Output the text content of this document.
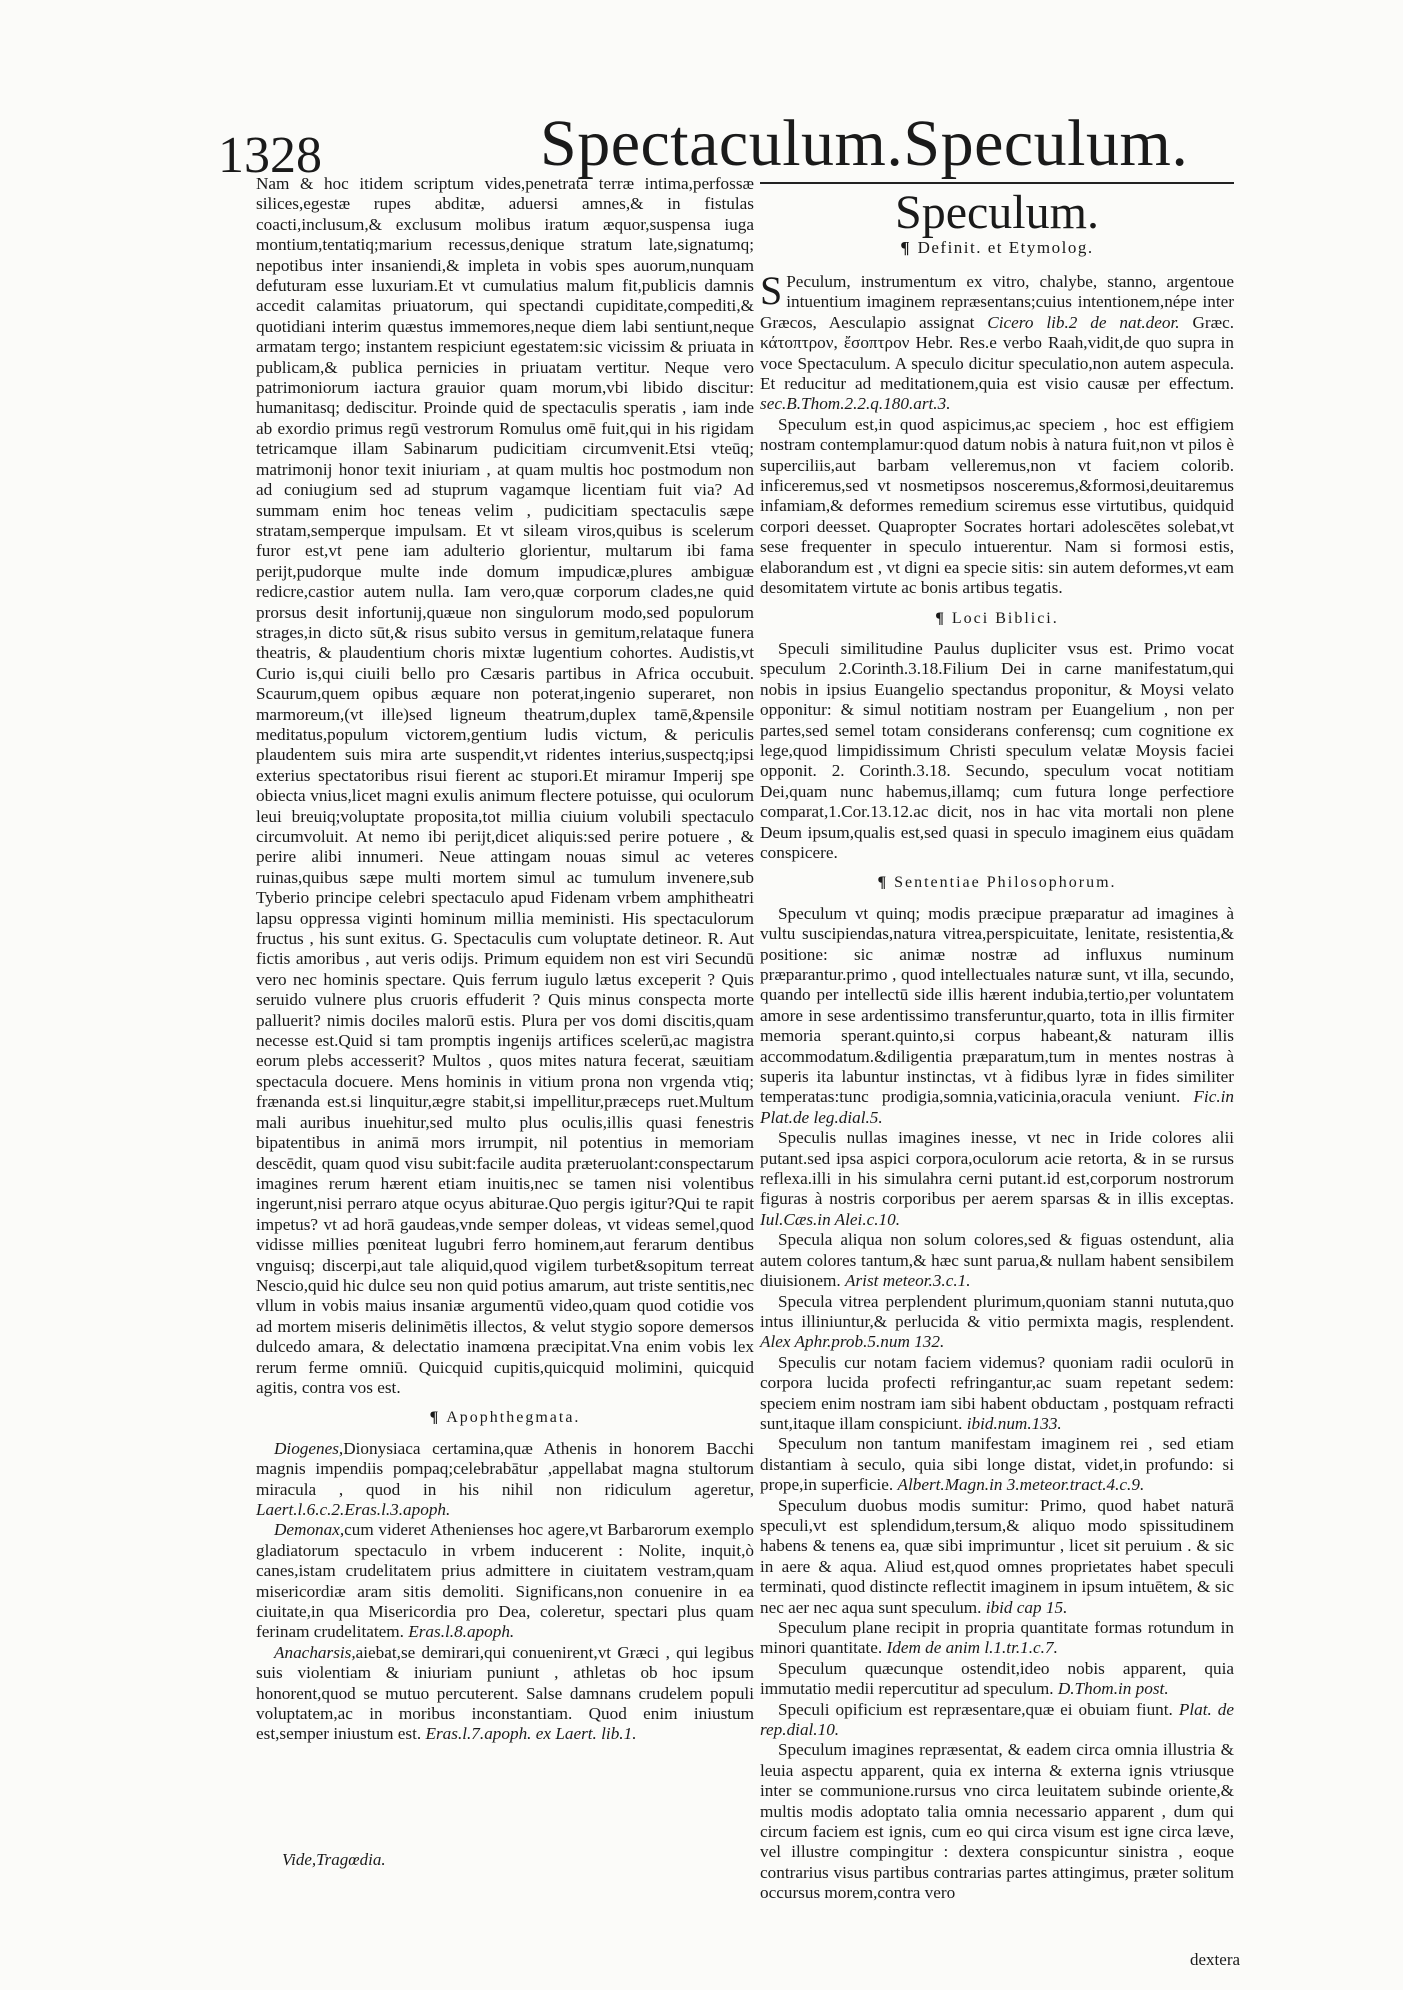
1328	Spectaculum.Speculum.

Nam & hoc itidem scriptum vides,penetrata terræ intima,perfossæ silices,egestæ rupes abditæ, aduersi amnes,& in fistulas coacti,inclusum,& exclusum molibus iratum æquor,suspensa iuga montium,tentatiq;marium recessus,denique stratum late,signatumq; nepotibus inter insaniendi,& impleta in vobis spes auorum,nunquam defuturam esse luxuriam.Et vt cumulatius malum fit,publicis damnis accedit calamitas priuatorum, qui spectandi cupiditate,compediti,& quotidiani interim quæstus immemores,neque diem labi sentiunt,neque armatam tergo; instantem respiciunt egestatem:sic vicissim & priuata in publicam,& publica pernicies in priuatam vertitur. Neque vero patrimoniorum iactura grauior quam morum,vbi libido discitur: humanitasq; dediscitur. Proinde quid de spectaculis speratis , iam inde ab exordio primus regū vestrorum Romulus omē fuit,qui in his rigidam tetricamque illam Sabinarum pudicitiam circumvenit.Etsi vteūq; matrimonij honor texit iniuriam , at quam multis hoc postmodum non ad coniugium sed ad stuprum vagamque licentiam fuit via? Ad summam enim hoc teneas velim , pudicitiam spectaculis sæpe stratam,semperque impulsam. Et vt sileam viros,quibus is scelerum furor est,vt pene iam adulterio glorientur, multarum ibi fama perijt,pudorque multe inde domum impudicæ,plures ambiguæ redicre,castior autem nulla. Iam vero,quæ corporum clades,ne quid prorsus desit infortunij,quæue non singulorum modo,sed populorum strages,in dicto sūt,& risus subito versus in gemitum,relataque funera theatris, & plaudentium choris mixtæ lugentium cohortes. Audistis,vt Curio is,qui ciuili bello pro Cæsaris partibus in Africa occubuit. Scaurum,quem opibus æquare non poterat,ingenio superaret, non marmoreum,(vt ille)sed ligneum theatrum,duplex tamē,&pensile meditatus,populum victorem,gentium ludis victum, & periculis plaudentem suis mira arte suspendit,vt ridentes interius,suspectq;ipsi exterius spectatoribus risui fierent ac stupori.Et miramur Imperij spe obiecta vnius,licet magni exulis animum flectere potuisse, qui oculorum leui breuiq;voluptate proposita,tot millia ciuium volubili spectaculo circumvoluit. At nemo ibi perijt,dicet aliquis:sed perire potuere , & perire alibi innumeri. Neue attingam nouas simul ac veteres ruinas,quibus sæpe multi mortem simul ac tumulum invenere,sub Tyberio principe celebri spectaculo apud Fidenam vrbem amphitheatri lapsu oppressa viginti hominum millia meministi. His spectaculorum fructus , his sunt exitus. G. Spectaculis cum voluptate detineor. R. Aut fictis amoribus , aut veris odijs. Primum equidem non est viri Secundū vero nec hominis spectare. Quis ferrum iugulo lætus exceperit ? Quis seruido vulnere plus cruoris effuderit ? Quis minus conspecta morte palluerit? nimis dociles malorū estis. Plura per vos domi discitis,quam necesse est.Quid si tam promptis ingenijs artifices scelerū,ac magistra eorum plebs accesserit? Multos , quos mites natura fecerat, sæuitiam spectacula docuere. Mens hominis in vitium prona non vrgenda vtiq; frænanda est.si linquitur,ægre stabit,si impellitur,præceps ruet.Multum mali auribus inuehitur,sed multo plus oculis,illis quasi fenestris bipatentibus in animā mors irrumpit, nil potentius in memoriam descēdit, quam quod visu subit:facile audita præteruolant:conspectarum imagines rerum hærent etiam inuitis,nec se tamen nisi volentibus ingerunt,nisi perraro atque ocyus abiturae.Quo pergis igitur?Qui te rapit impetus? vt ad horā gaudeas,vnde semper doleas, vt videas semel,quod vidisse millies pœniteat lugubri ferro hominem,aut ferarum dentibus vnguisq; discerpi,aut tale aliquid,quod vigilem turbet&sopitum terreat Nescio,quid hic dulce seu non quid potius amarum, aut triste sentitis,nec vllum in vobis maius insaniæ argumentū video,quam quod cotidie vos ad mortem miseris delinimētis illectos, & velut stygio sopore demersos dulcedo amara, & delectatio inamœna præcipitat.Vna enim vobis lex rerum ferme omniū. Quicquid cupitis,quicquid molimini, quicquid agitis, contra vos est.

¶ Apophthegmata.

Diogenes,Dionysiaca certamina,quæ Athenis in honorem Bacchi magnis impendiis pompaq;celebrabātur ,appellabat magna stultorum miracula , quod in his nihil non ridiculum ageretur, Laert.l.6.c.2.Eras.l.3.apoph.

Demonax,cum videret Athenienses hoc agere,vt Barbarorum exemplo gladiatorum spectaculo in vrbem inducerent : Nolite, inquit,ò canes,istam crudelitatem prius admittere in ciuitatem vestram,quam misericordiæ aram sitis demoliti. Significans,non conuenire in ea ciuitate,in qua Misericordia pro Dea, coleretur, spectari plus quam ferinam crudelitatem. Eras.l.8.apoph.

Anacharsis,aiebat,se demirari,qui conuenirent,vt Græci , qui legibus suis violentiam & iniuriam puniunt , athletas ob hoc ipsum honorent,quod se mutuo percuterent. Salse damnans crudelem populi voluptatem,ac in moribus inconstantiam. Quod enim iniustum est,semper iniustum est. Eras.l.7.apoph. ex Laert. lib.1.

Vide,Tragœdia.
Speculum.
¶ Definit. et Etymolog.

S Peculum, instrumentum ex vitro, chalybe, stanno, argentoue intuentium imaginem repræsentans;cuius intentionem,népe inter Græcos, Aesculapio assignat Cicero lib.2 de nat.deor. Græc. κάτοπτρον, ἔσοπτρον Hebr. Res.e verbo Raah,vidit,de quo supra in voce Spectaculum. A speculo dicitur speculatio,non autem aspecula. Et reducitur ad meditationem,quia est visio causæ per effectum. sec.B.Thom.2.2.q.180.art.3.

Speculum est,in quod aspicimus,ac speciem , hoc est effigiem nostram contemplamur:quod datum nobis à natura fuit,non vt pilos è superciliis,aut barbam velleremus,non vt faciem colorib. inficeremus,sed vt nosmetipsos nosceremus,&formosi,deuitaremus infamiam,& deformes remedium sciremus esse virtutibus, quidquid corpori deesset. Quapropter Socrates hortari adolescētes solebat,vt sese frequenter in speculo intuerentur. Nam si formosi estis, elaborandum est , vt digni ea specie sitis: sin autem deformes,vt eam desomitatem virtute ac bonis artibus tegatis.

¶ Loci Biblici.

Speculi similitudine Paulus dupliciter vsus est. Primo vocat speculum 2.Corinth.3.18.Filium Dei in carne manifestatum,qui nobis in ipsius Euangelio spectandus proponitur, & Moysi velato opponitur: & simul notitiam nostram per Euangelium , non per partes,sed semel totam considerans conferensq; cum cognitione ex lege,quod limpidissimum Christi speculum velatæ Moysis faciei opponit. 2. Corinth.3.18. Secundo, speculum vocat notitiam Dei,quam nunc habemus,illamq; cum futura longe perfectiore comparat,1.Cor.13.12.ac dicit, nos in hac vita mortali non plene Deum ipsum,qualis est,sed quasi in speculo imaginem eius quādam conspicere.

¶ Sententiae Philosophorum.

Speculum vt quinq; modis præcipue præparatur ad imagines à vultu suscipiendas,natura vitrea,perspicuitate, lenitate, resistentia,& positione: sic animæ nostræ ad influxus numinum præparantur.primo , quod intellectuales naturæ sunt, vt illa, secundo, quando per intellectū side illis hærent indubia,tertio,per voluntatem amore in sese ardentissimo transferuntur,quarto, tota in illis firmiter memoria sperant.quinto,si corpus habeant,& naturam illis accommodatum.&diligentia præparatum,tum in mentes nostras à superis ita labuntur instinctas, vt à fidibus lyræ in fides similiter temperatas:tunc prodigia,somnia,vaticinia,oracula veniunt. Fic.in Plat.de leg.dial.5.

Speculis nullas imagines inesse, vt nec in Iride colores alii putant.sed ipsa aspici corpora,oculorum acie retorta, & in se rursus reflexa.illi in his simulahra cerni putant.id est,corporum nostrorum figuras à nostris corporibus per aerem sparsas & in illis exceptas. Iul.Cæs.in Alei.c.10.

Specula aliqua non solum colores,sed & figuas ostendunt, alia autem colores tantum,& hæc sunt parua,& nullam habent sensibilem diuisionem. Arist meteor.3.c.1.

Specula vitrea perplendent plurimum,quoniam stanni nututa,quo intus illiniuntur,& perlucida & vitio permixta magis, resplendent. Alex Aphr.prob.5.num 132.

Speculis cur notam faciem videmus? quoniam radii oculorū in corpora lucida profecti refringantur,ac suam repetant sedem: speciem enim nostram iam sibi habent obductam , postquam refracti sunt,itaque illam conspiciunt. ibid.num.133.

Speculum non tantum manifestam imaginem rei , sed etiam distantiam à seculo, quia sibi longe distat, videt,in profundo: si prope,in superficie. Albert.Magn.in 3.meteor.tract.4.c.9.

Speculum duobus modis sumitur: Primo, quod habet naturā speculi,vt est splendidum,tersum,& aliquo modo spissitudinem habens & tenens ea, quæ sibi imprimuntur , licet sit peruium . & sic in aere & aqua. Aliud est,quod omnes proprietates habet speculi terminati, quod distincte reflectit imaginem in ipsum intuētem, & sic nec aer nec aqua sunt speculum. ibid cap 15.

Speculum plane recipit in propria quantitate formas rotundum in minori quantitate. Idem de anim l.1.tr.1.c.7.

Speculum quæcunque ostendit,ideo nobis apparent, quia immutatio medii repercutitur ad speculum. D.Thom.in post.

Speculi opificium est repræsentare,quæ ei obuiam fiunt. Plat. de rep.dial.10.

Speculum imagines repræsentat, & eadem circa omnia illustria & leuia aspectu apparent, quia ex interna & externa ignis vtriusque inter se communione.rursus vno circa leuitatem subinde oriente,& multis modis adoptato talia omnia necessario apparent , dum qui circum faciem est ignis, cum eo qui circa visum est igne circa læve, vel illustre compingitur : dextera conspicuntur sinistra , eoque contrarius visus partibus contrarias partes attingimus, præter solitum occursus morem,contra vero

dextera
